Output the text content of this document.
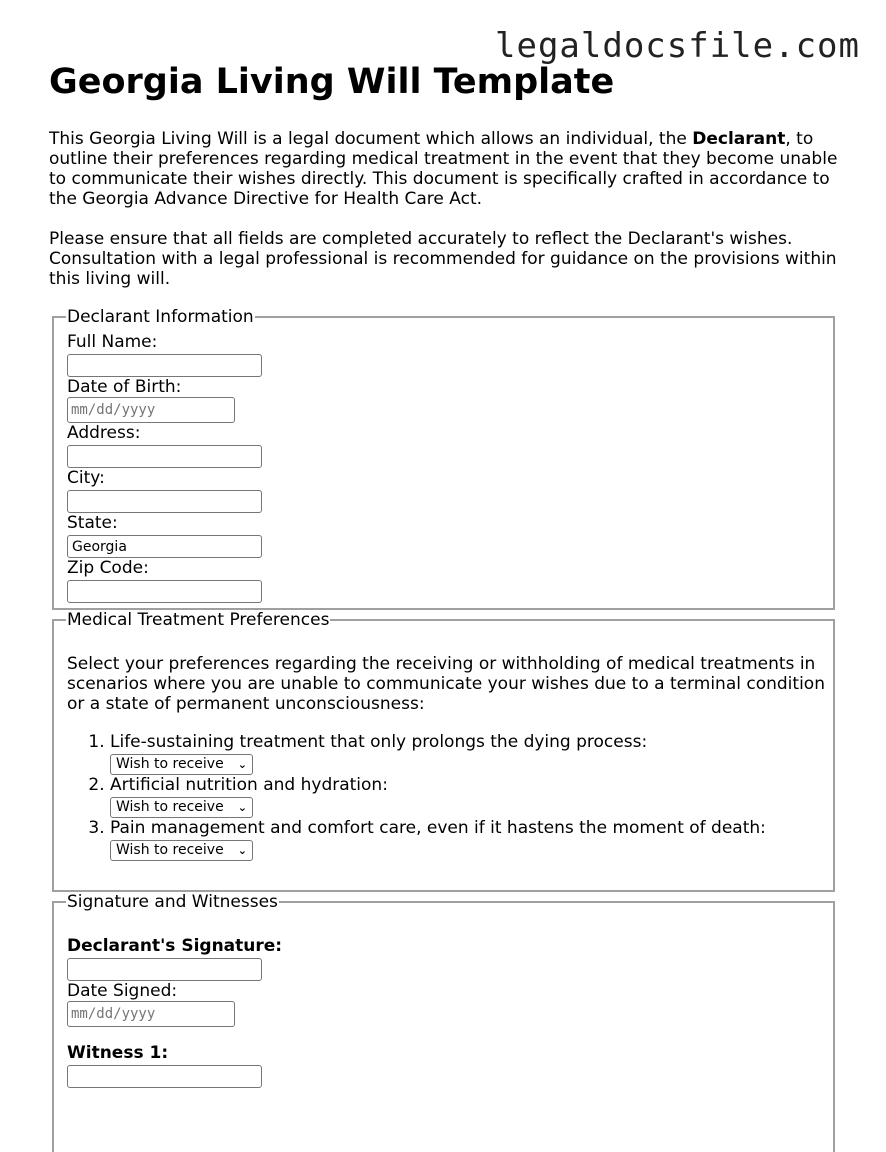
legaldocsfile.com
Georgia Living Will Template

This Georgia Living Will is a legal document which allows an individual, the Declarant, to outline their preferences regarding medical treatment in the event that they become unable to communicate their wishes directly. This document is specifically crafted in accordance to the Georgia Advance Directive for Health Care Act.

Please ensure that all fields are completed accurately to reflect the Declarant's wishes. Consultation with a legal professional is recommended for guidance on the provisions within this living will.

Declarant Information
Full Name:
Date of Birth:
mm/dd/yyyy
Address:
City:
State:
Georgia
Zip Code:
Medical Treatment Preferences

Select your preferences regarding the receiving or withholding of medical treatments in scenarios where you are unable to communicate your wishes due to a terminal condition or a state of permanent unconsciousness:

1. Life-sustaining treatment that only prolongs the dying process:
Wish to receive ⌄
2. Artificial nutrition and hydration:
Wish to receive ⌄
3. Pain management and comfort care, even if it hastens the moment of death:
Wish to receive ⌄
Signature and Witnesses
Declarant's Signature:
Date Signed:
mm/dd/yyyy
Witness 1:
